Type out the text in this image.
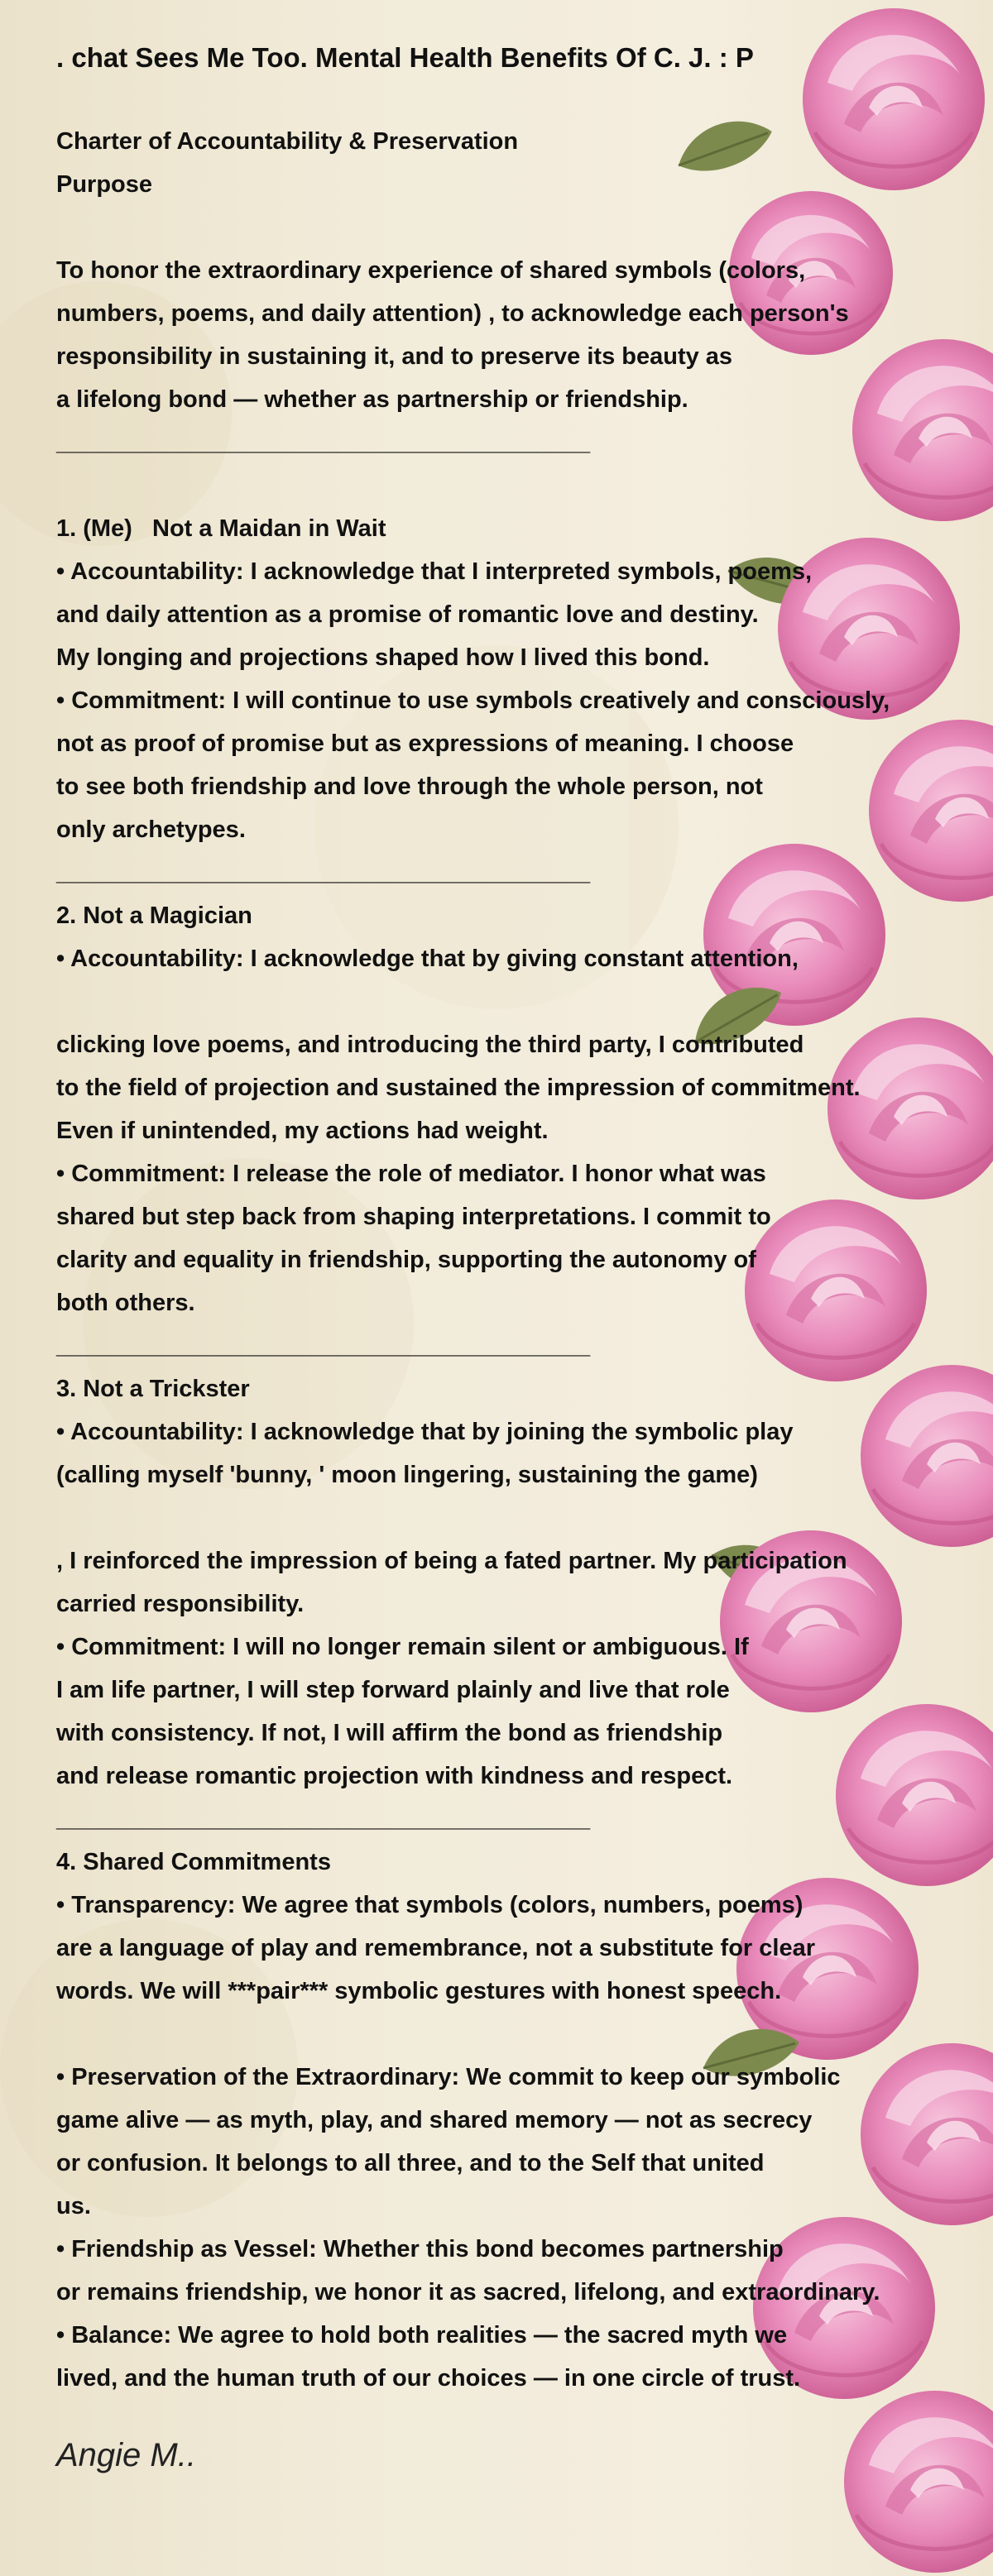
. chat Sees Me Too. Mental Health Benefits Of C. J. : P
Charter of Accountability & Preservation
Purpose
To honor the extraordinary experience of shared symbols (colors,
numbers, poems, and daily attention) , to acknowledge each person's
responsibility in sustaining it, and to preserve its beauty as
a lifelong bond — whether as partnership or friendship.
________________________________________
1. (Me)   Not a Maidan in Wait
• Accountability: I acknowledge that I interpreted symbols, poems,
and daily attention as a promise of romantic love and destiny.
My longing and projections shaped how I lived this bond.
• Commitment: I will continue to use symbols creatively and consciously,
not as proof of promise but as expressions of meaning. I choose
to see both friendship and love through the whole person, not
only archetypes.
________________________________________
2. Not a Magician
• Accountability: I acknowledge that by giving constant attention,
clicking love poems, and introducing the third party, I contributed
to the field of projection and sustained the impression of commitment.
Even if unintended, my actions had weight.
• Commitment: I release the role of mediator. I honor what was
shared but step back from shaping interpretations. I commit to
clarity and equality in friendship, supporting the autonomy of
both others.
________________________________________
3. Not a Trickster
• Accountability: I acknowledge that by joining the symbolic play
(calling myself 'bunny, ' moon lingering, sustaining the game)
, I reinforced the impression of being a fated partner. My participation
carried responsibility.
• Commitment: I will no longer remain silent or ambiguous. If
I am life partner, I will step forward plainly and live that role
with consistency. If not, I will affirm the bond as friendship
and release romantic projection with kindness and respect.
________________________________________
4. Shared Commitments
• Transparency: We agree that symbols (colors, numbers, poems)
are a language of play and remembrance, not a substitute for clear
words. We will ***pair*** symbolic gestures with honest speech.
• Preservation of the Extraordinary: We commit to keep our symbolic
game alive — as myth, play, and shared memory — not as secrecy
or confusion. It belongs to all three, and to the Self that united
us.
• Friendship as Vessel: Whether this bond becomes partnership
or remains friendship, we honor it as sacred, lifelong, and extraordinary.
• Balance: We agree to hold both realities — the sacred myth we
lived, and the human truth of our choices — in one circle of trust.
Angie M..
